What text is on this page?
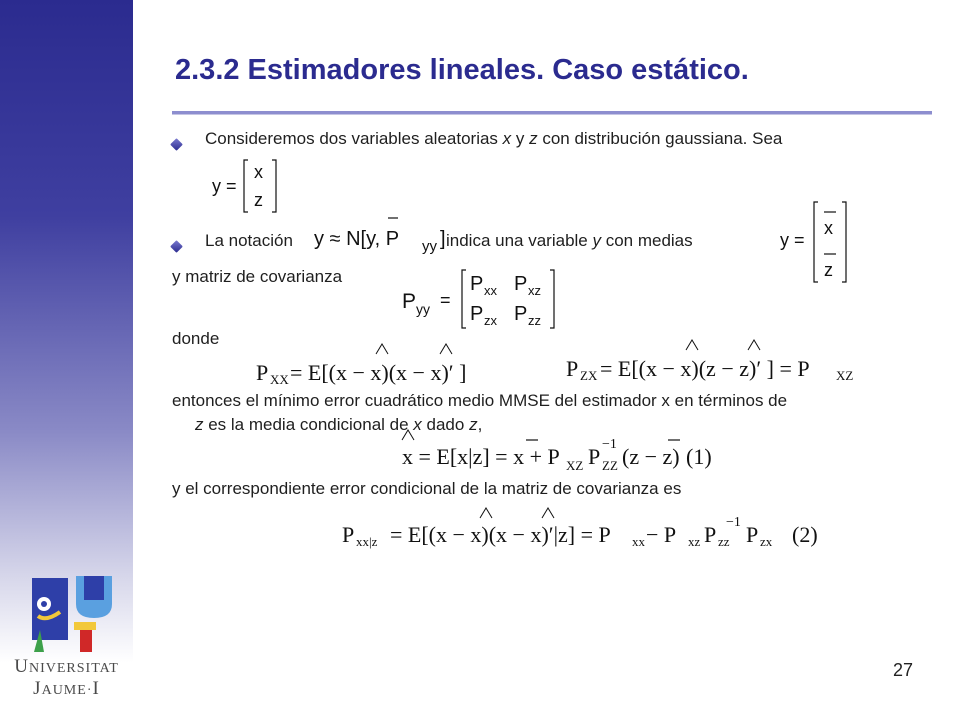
UNIVERSITAT
JAUME·I
2.3.2 Estimadores lineales. Caso estático.
Consideremos dos variables aleatorias x y z con distribución gaussiana. Sea
y =
x
z
La notación y ≈ N[y, P yy ] indica una variable y con medias	y =
x
z
y matriz de covarianza
P yy =
P xx P xz
P zx P zz
donde
P XX = E[(x − x)(x − x)′ ]	P ZX = E[(x − x)(z − z)′ ] = P XZ
entonces el mínimo error cuadrático medio MMSE del estimador x en términos de
z es la media condicional de x dado z,
x = E[x|z] = x + P XZ P ZZ
−1 (z − z) (1)
y el correspondiente error condicional de la matriz de covarianza es
P xx|z = E[(x − x)(x − x)′|z] = P xx − P xz P zz
−1 P zx (2)
27
